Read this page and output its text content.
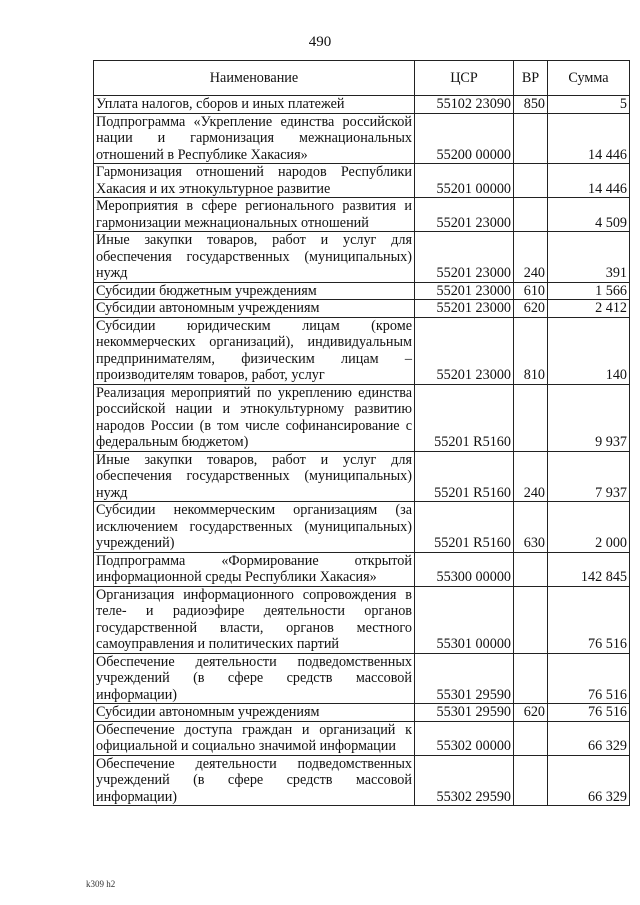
490
Наименование	ЦСР	ВР	Сумма
Уплата налогов, сборов и иных платежей	55102 23090	850	5
Подпрограмма «Укрепление единства российской нации и гармонизация межнациональных отношений в Республике Хакасия»	55200 00000		14 446
Гармонизация отношений народов Республики Хакасия и их этнокультурное развитие	55201 00000		14 446
Мероприятия в сфере регионального развития и гармонизации межнациональных отношений	55201 23000		4 509
Иные закупки товаров, работ и услуг для обеспечения государственных (муниципальных) нужд	55201 23000	240	391
Субсидии бюджетным учреждениям	55201 23000	610	1 566
Субсидии автономным учреждениям	55201 23000	620	2 412
Субсидии юридическим лицам (кроме некоммерческих организаций), индивидуальным предпринимателям, физическим лицам – производителям товаров, работ, услуг	55201 23000	810	140
Реализация мероприятий по укреплению единства российской нации и этнокультурному развитию народов России (в том числе софинансирование с федеральным бюджетом)	55201 R5160		9 937
Иные закупки товаров, работ и услуг для обеспечения государственных (муниципальных) нужд	55201 R5160	240	7 937
Субсидии некоммерческим организациям (за исключением государственных (муниципальных) учреждений)	55201 R5160	630	2 000
Подпрограмма «Формирование открытой информационной среды Республики Хакасия»	55300 00000		142 845
Организация информационного сопровождения в теле- и радиоэфире деятельности органов государственной власти, органов местного самоуправления и политических партий	55301 00000		76 516
Обеспечение деятельности подведомственных учреждений (в сфере средств массовой информации)	55301 29590		76 516
Субсидии автономным учреждениям	55301 29590	620	76 516
Обеспечение доступа граждан и организаций к официальной и социально значимой информации	55302 00000		66 329
Обеспечение деятельности подведомственных учреждений (в сфере средств массовой информации)	55302 29590		66 329
k309 h2
